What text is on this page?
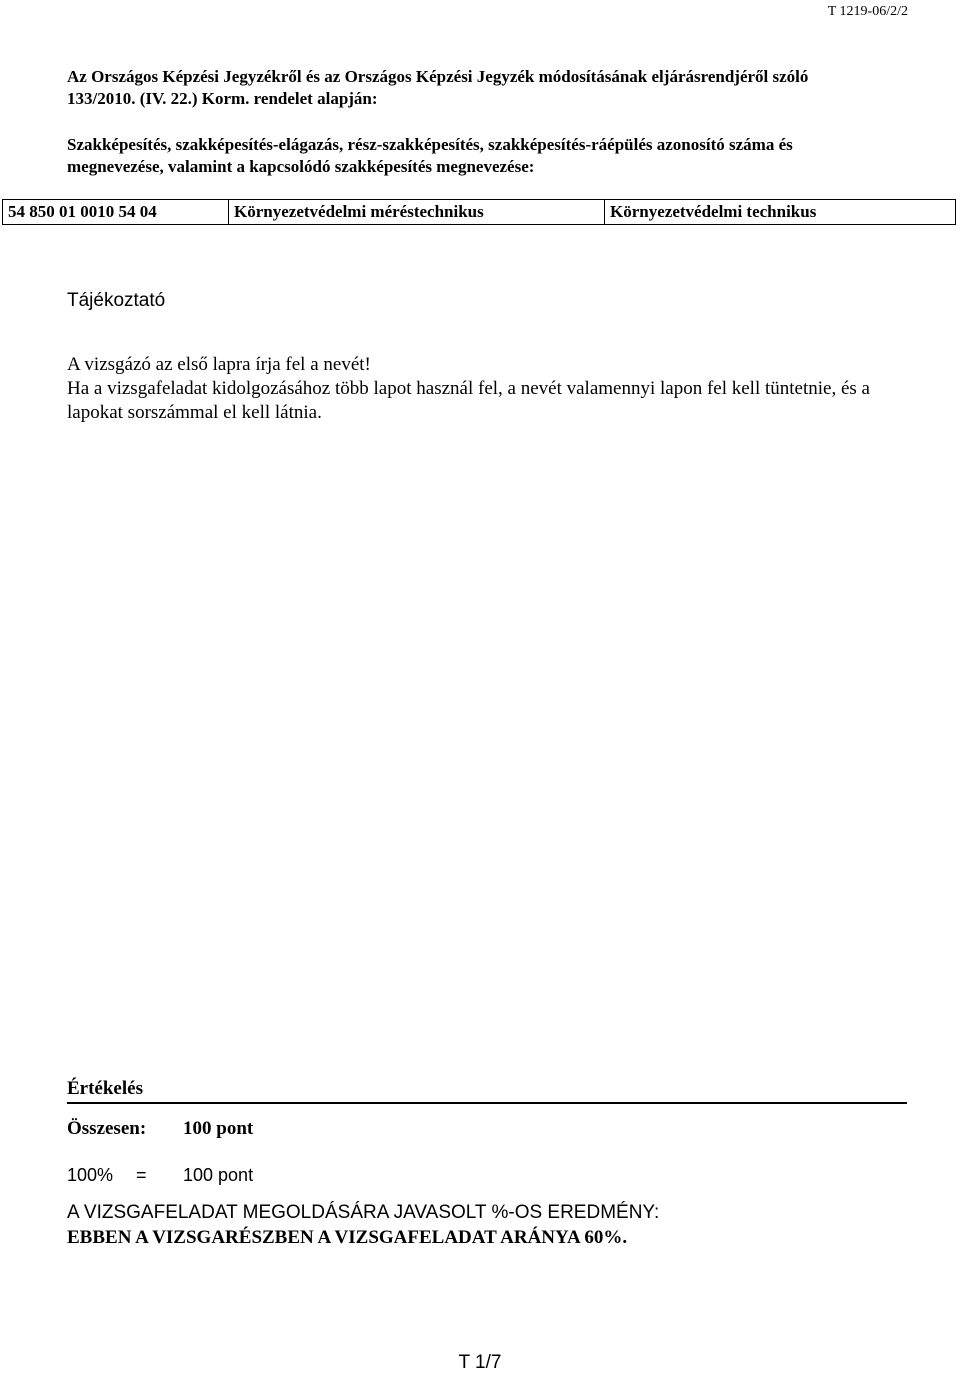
T 1219-06/2/2

Az Országos Képzési Jegyzékről és az Országos Képzési Jegyzék módosításának eljárásrendjéről szóló 133/2010. (IV. 22.) Korm. rendelet alapján:

Szakképesítés, szakképesítés-elágazás, rész-szakképesítés, szakképesítés-ráépülés azonosító száma és megnevezése, valamint a kapcsolódó szakképesítés megnevezése:

54 850 01 0010 54 04	Környezetvédelmi méréstechnikus	Környezetvédelmi technikus
Tájékoztató
A vizsgázó az első lapra írja fel a nevét!
Ha a vizsgafeladat kidolgozásához több lapot használ fel, a nevét valamennyi lapon fel kell tüntetnie, és a lapokat sorszámmal el kell látnia.
Értékelés
Összesen: 100 pont
100% = 100 pont
A VIZSGAFELADAT MEGOLDÁSÁRA JAVASOLT %-OS EREDMÉNY:
EBBEN A VIZSGARÉSZBEN A VIZSGAFELADAT ARÁNYA 60%.
T 1/7
